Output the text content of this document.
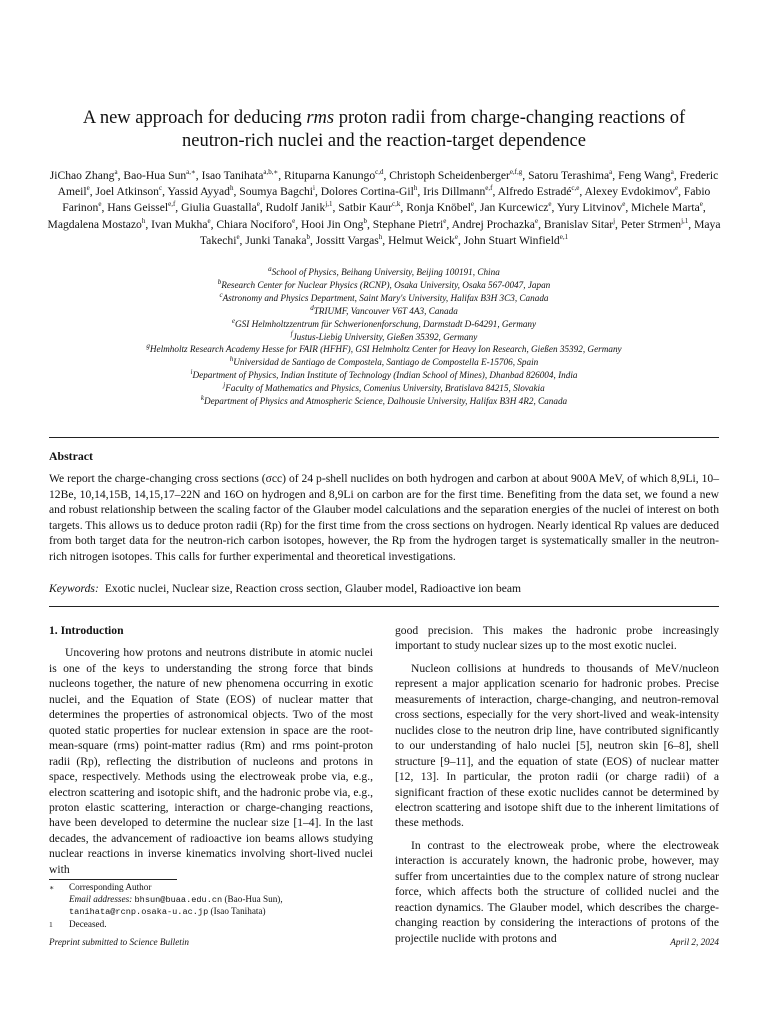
A new approach for deducing rms proton radii from charge-changing reactions of
neutron-rich nuclei and the reaction-target dependence
JiChao Zhang$^a$, Bao-Hua Sun$^{a,∗}$, Isao Tanihata$^{a,b,∗}$, Rituparna Kanungo$^{c,d}$, Christoph Scheidenberger$^{e,f,g}$, Satoru Terashima$^a$, Feng Wang$^a$, Frederic Ameil$^e$, Joel Atkinson$^c$, Yassid Ayyad$^h$, Soumya Bagchi$^i$, Dolores Cortina-Gil$^h$, Iris Dillmann$^{e,f}$, Alfredo Estradé$^{c,e}$, Alexey Evdokimov$^e$, Fabio Farinon$^e$, Hans Geissel$^{e,f}$, Giulia Guastalla$^e$, Rudolf Janik$^{j,1}$, Satbir Kaur$^{c,k}$, Ronja Knöbel$^e$, Jan Kurcewicz$^e$, Yury Litvinov$^e$, Michele Marta$^e$, Magdalena Mostazo$^h$, Ivan Mukha$^e$, Chiara Nociforo$^e$, Hooi Jin Ong$^b$, Stephane Pietri$^e$, Andrej Prochazka$^e$, Branislav Sitar$^j$, Peter Strmen$^{j,1}$, Maya Takechi$^e$, Junki Tanaka$^b$, Jossitt Vargas$^h$, Helmut Weick$^e$, John Stuart Winfield$^{e,1}$
$^a$School of Physics, Beihang University, Beijing 100191, China
$^b$Research Center for Nuclear Physics (RCNP), Osaka University, Osaka 567-0047, Japan
$^c$Astronomy and Physics Department, Saint Mary's University, Halifax B3H 3C3, Canada
$^d$TRIUMF, Vancouver V6T 4A3, Canada
$^e$GSI Helmholtzzentrum für Schwerionenforschung, Darmstadt D-64291, Germany
$^f$Justus-Liebig University, Gießen 35392, Germany
$^g$Helmholtz Research Academy Hesse for FAIR (HFHF), GSI Helmholtz Center for Heavy Ion Research, Gießen 35392, Germany
$^h$Universidad de Santiago de Compostela, Santiago de Compostella E-15706, Spain
$^i$Department of Physics, Indian Institute of Technology (Indian School of Mines), Dhanbad 826004, India
$^j$Faculty of Mathematics and Physics, Comenius University, Bratislava 84215, Slovakia
$^k$Department of Physics and Atmospheric Science, Dalhousie University, Halifax B3H 4R2, Canada
Abstract
We report the charge-changing cross sections (σcc) of 24 p-shell nuclides on both hydrogen and carbon at about 900A MeV, of which 8,9Li, 10–12Be, 10,14,15B, 14,15,17–22N and 16O on hydrogen and 8,9Li on carbon are for the first time. Benefiting from the data set, we found a new and robust relationship between the scaling factor of the Glauber model calculations and the separation energies of the nuclei of interest on both targets. This allows us to deduce proton radii (Rp) for the first time from the cross sections on hydrogen. Nearly identical Rp values are deduced from both target data for the neutron-rich carbon isotopes, however, the Rp from the hydrogen target is systematically smaller in the neutron-rich nitrogen isotopes. This calls for further experimental and theoretical investigations.
Keywords: Exotic nuclei, Nuclear size, Reaction cross section, Glauber model, Radioactive ion beam
1. Introduction

Uncovering how protons and neutrons distribute in atomic nuclei is one of the keys to understanding the strong force that binds nucleons together, the nature of new phenomena occurring in exotic nuclei, and the Equation of State (EOS) of nuclear matter that determines the properties of astronomical objects. Two of the most quoted static properties for nuclear extension in space are the root-mean-square (rms) point-matter radius (Rm) and rms point-proton radii (Rp), reflecting the distribution of nucleons and protons in space, respectively. Methods using the electroweak probe via, e.g., electron scattering and isotopic shift, and the hadronic probe via, e.g., proton elastic scattering, interaction or charge-changing reactions, have been developed to determine the nuclear size [1–4]. In the last decades, the advancement of radioactive ion beams allows studying nuclear reactions in inverse kinematics involving short-lived nuclei with

good precision. This makes the hadronic probe increasingly important to study nuclear sizes up to the most exotic nuclei.

Nucleon collisions at hundreds to thousands of MeV/nucleon represent a major application scenario for hadronic probes. Precise measurements of interaction, charge-changing, and neutron-removal cross sections, especially for the very short-lived and weak-intensity nuclides close to the neutron drip line, have contributed significantly to our understanding of halo nuclei [5], neutron skin [6–8], shell structure [9–11], and the equation of state (EOS) of nuclear matter [12, 13]. In particular, the proton radii (or charge radii) of a significant fraction of these exotic nuclides cannot be determined by electron scattering and isotope shift due to the inherent limitations of these methods.

In contrast to the electroweak probe, where the electroweak interaction is accurately known, the hadronic probe, however, may suffer from uncertainties due to the complex nature of strong nuclear force, which affects both the structure of collided nuclei and the reaction dynamics. The Glauber model, which describes the charge-changing reaction by considering the interactions of protons of the projectile nuclide with protons and

∗ Corresponding Author
Email addresses: bhsun@buaa.edu.cn (Bao-Hua Sun),
tanihata@rcnp.osaka-u.ac.jp (Isao Tanihata)
1 Deceased.
Preprint submitted to Science Bulletin	April 2, 2024
